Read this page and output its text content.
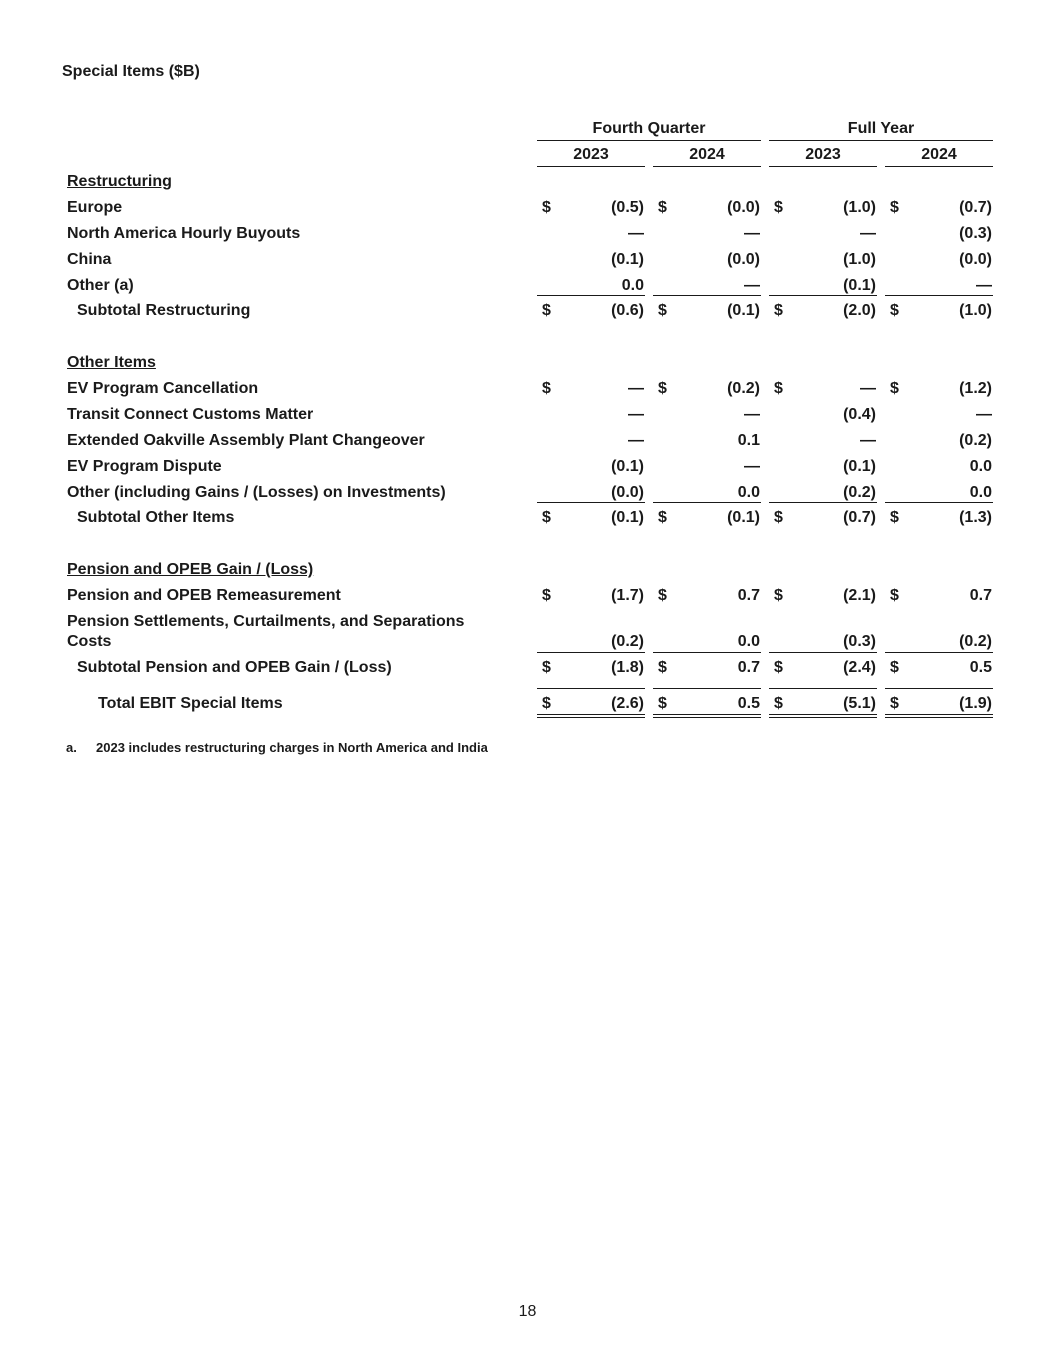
Special Items ($B)
Fourth Quarter	Full Year
2023	2024	2023	2024
Restructuring
Europe	$	(0.5) $	(0.0) $	(1.0) $	(0.7)
North America Hourly Buyouts	—	—	—	(0.3)
China	(0.1)	(0.0)	(1.0)	(0.0)
Other (a)	0.0	—	(0.1)	—
Subtotal Restructuring	$	(0.6) $	(0.1) $	(2.0) $	(1.0)
Other Items
EV Program Cancellation	$	— $	(0.2) $	— $	(1.2)
Transit Connect Customs Matter	—	—	(0.4)	—
Extended Oakville Assembly Plant Changeover	—	0.1	—	(0.2)
EV Program Dispute	(0.1)	—	(0.1)	0.0
Other (including Gains / (Losses) on Investments)	(0.0)	0.0	(0.2)	0.0
Subtotal Other Items	$	(0.1) $	(0.1) $	(0.7) $	(1.3)
Pension and OPEB Gain / (Loss)
Pension and OPEB Remeasurement	$	(1.7) $	0.7 $	(2.1) $	0.7
Pension Settlements, Curtailments, and Separations
Costs	(0.2)	0.0	(0.3)	(0.2)
Subtotal Pension and OPEB Gain / (Loss)	$	(1.8) $	0.7 $	(2.4) $	0.5
Total EBIT Special Items	$	(2.6) $	0.5 $	(5.1) $	(1.9)
a. 2023 includes restructuring charges in North America and India
18
